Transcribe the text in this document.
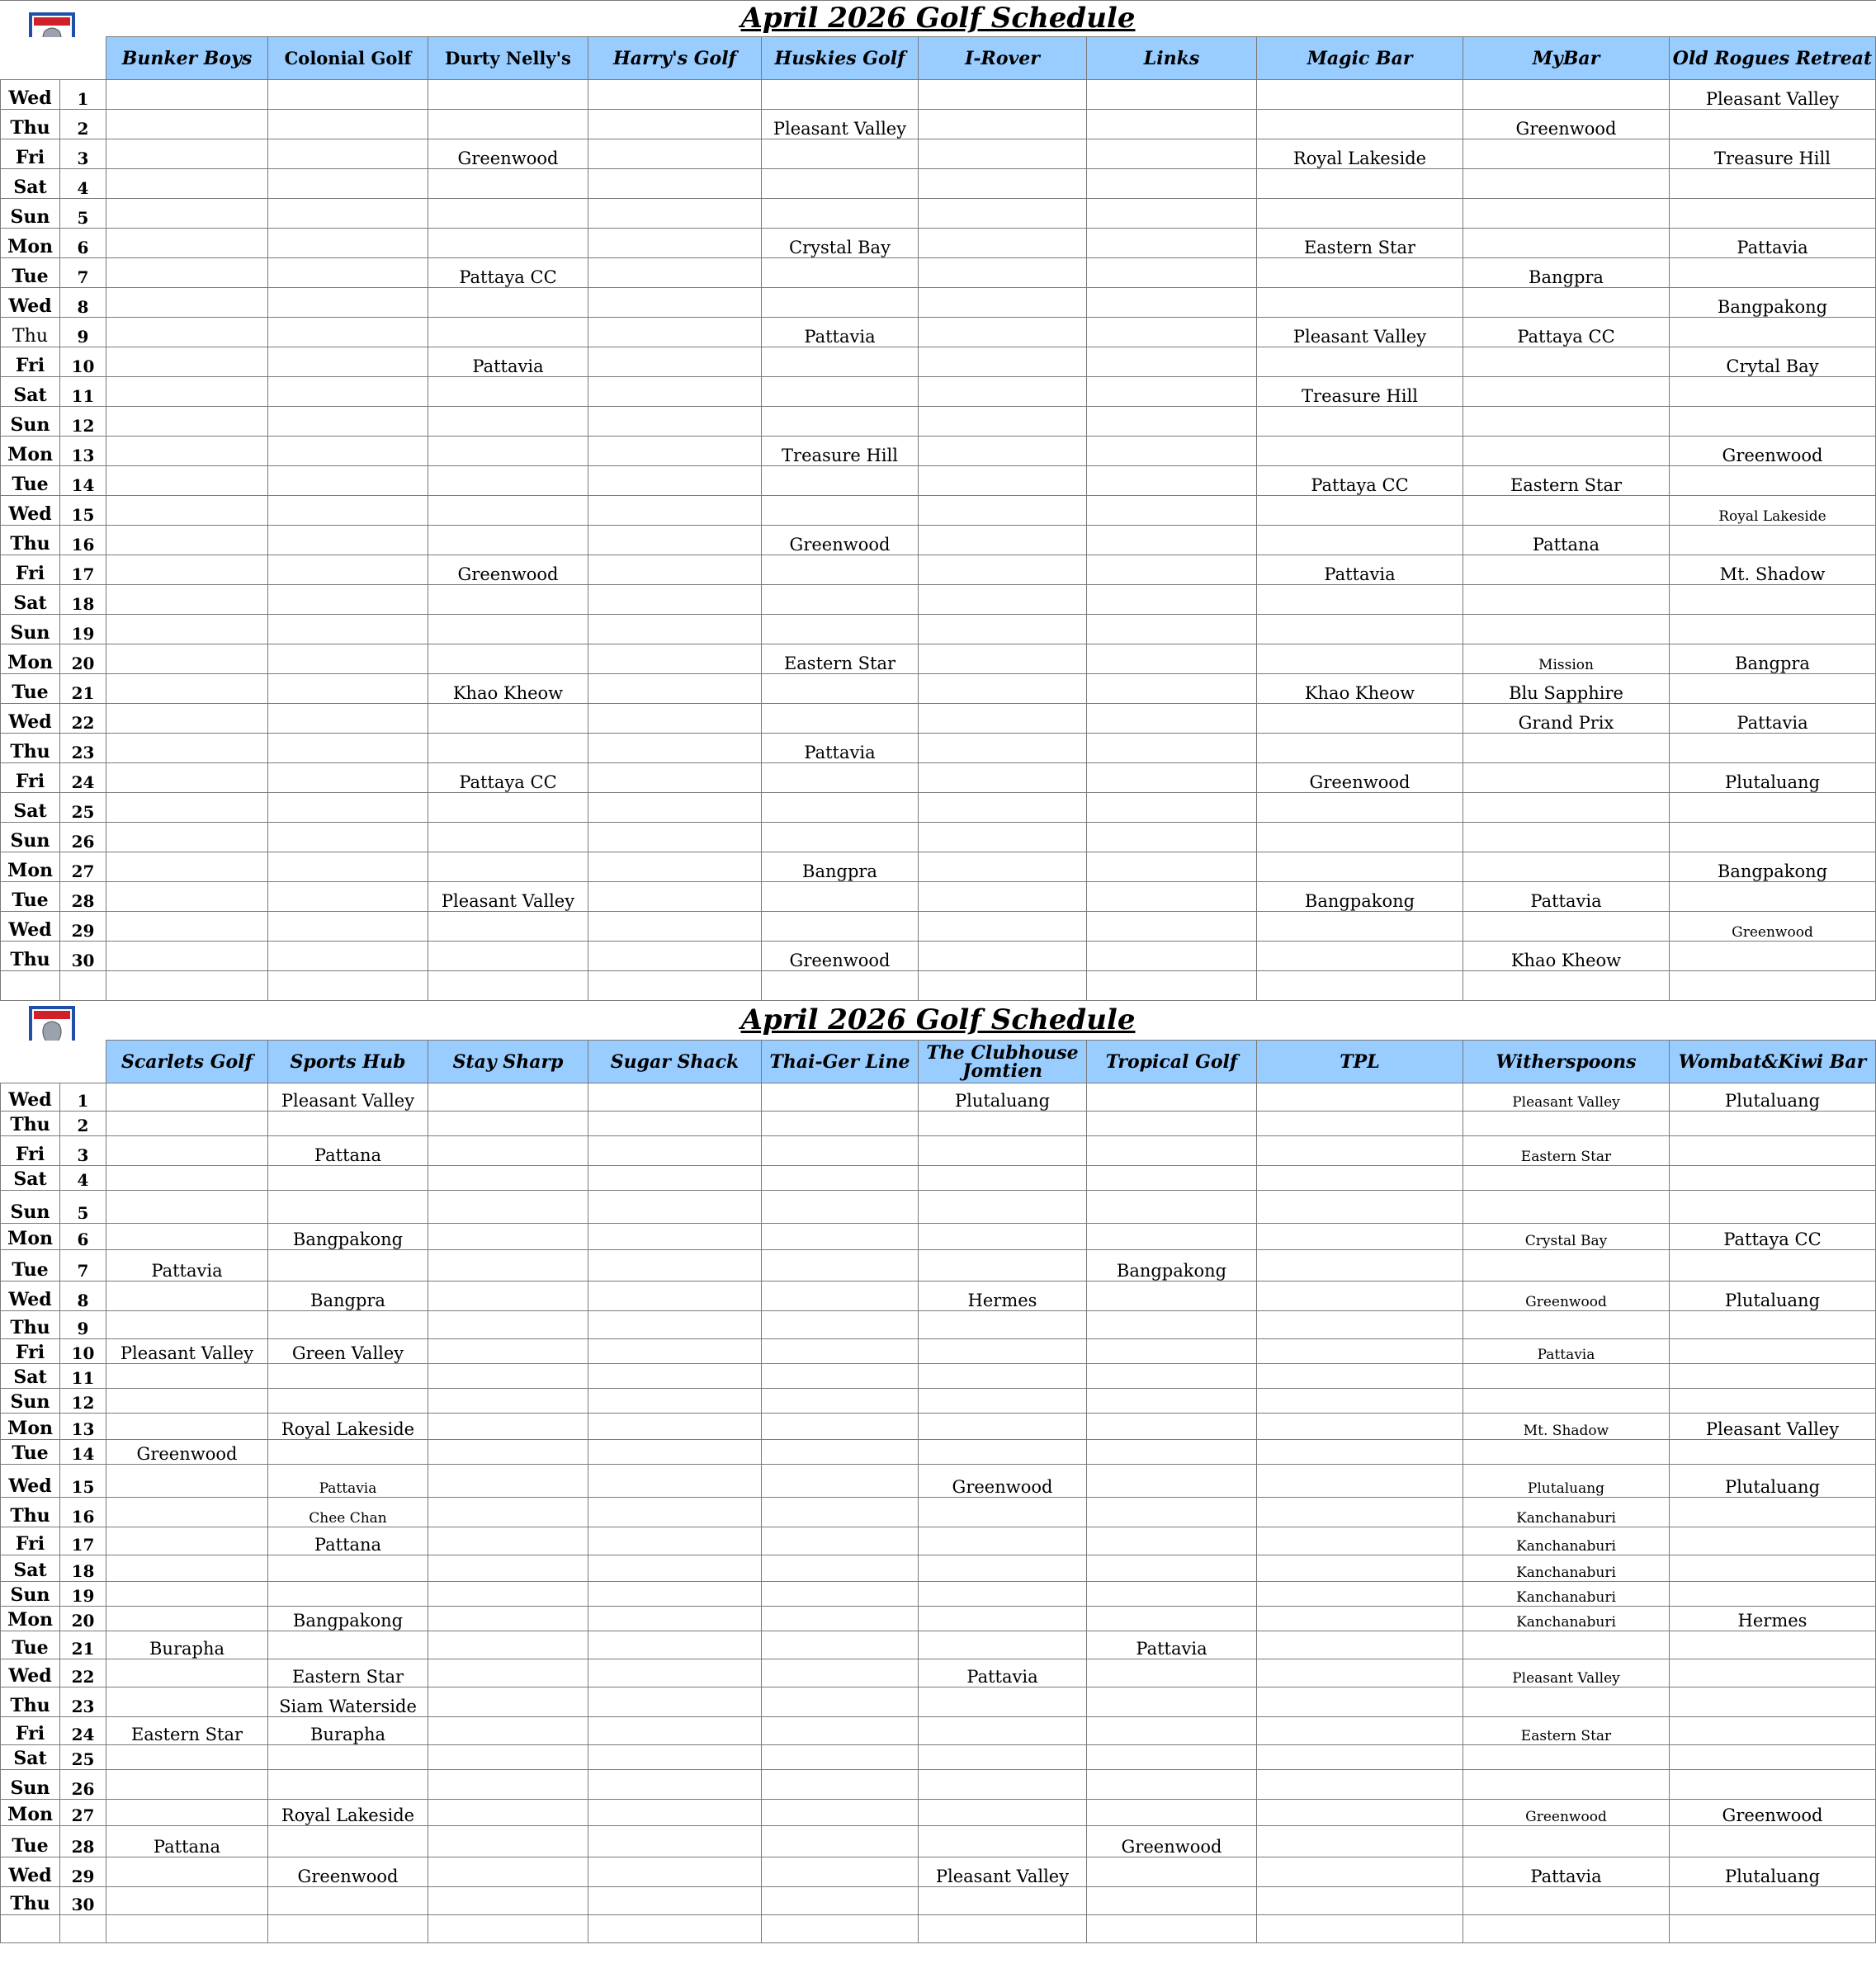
April 2026 Golf Schedule
		Bunker Boys	Colonial Golf	Durty Nelly's	Harry's Golf	Huskies Golf	I-Rover	Links	Magic Bar	MyBar	Old Rogues Retreat
Wed	1										Pleasant Valley
Thu	2					Pleasant Valley				Greenwood	
Fri	3			Greenwood					Royal Lakeside		Treasure Hill
Sat	4										
Sun	5										
Mon	6					Crystal Bay			Eastern Star		Pattavia
Tue	7			Pattaya CC						Bangpra	
Wed	8										Bangpakong
Thu	9					Pattavia			Pleasant Valley	Pattaya CC	
Fri	10			Pattavia							Crytal Bay
Sat	11								Treasure Hill		
Sun	12										
Mon	13					Treasure Hill					Greenwood
Tue	14								Pattaya CC	Eastern Star	
Wed	15										Royal Lakeside
Thu	16					Greenwood				Pattana	
Fri	17			Greenwood					Pattavia		Mt. Shadow
Sat	18										
Sun	19										
Mon	20					Eastern Star				Mission	Bangpra
Tue	21			Khao Kheow					Khao Kheow	Blu Sapphire	
Wed	22									Grand Prix	Pattavia
Thu	23					Pattavia					
Fri	24			Pattaya CC					Greenwood		Plutaluang
Sat	25										
Sun	26										
Mon	27					Bangpra					Bangpakong
Tue	28			Pleasant Valley					Bangpakong	Pattavia	
Wed	29										Greenwood
Thu	30					Greenwood				Khao Kheow	

April 2026 Golf Schedule
		Scarlets Golf	Sports Hub	Stay Sharp	Sugar Shack	Thai-Ger Line	The Clubhouse Jomtien	Tropical Golf	TPL	Witherspoons	Wombat&Kiwi Bar
Wed	1		Pleasant Valley				Plutaluang			Pleasant Valley	Plutaluang
Thu	2										
Fri	3		Pattana							Eastern Star	
Sat	4										
Sun	5										
Mon	6		Bangpakong							Crystal Bay	Pattaya CC
Tue	7	Pattavia						Bangpakong			
Wed	8		Bangpra				Hermes			Greenwood	Plutaluang
Thu	9										
Fri	10	Pleasant Valley	Green Valley							Pattavia	
Sat	11										
Sun	12										
Mon	13		Royal Lakeside							Mt. Shadow	Pleasant Valley
Tue	14	Greenwood									
Wed	15		Pattavia				Greenwood			Plutaluang	Plutaluang
Thu	16		Chee Chan							Kanchanaburi	
Fri	17		Pattana							Kanchanaburi	
Sat	18									Kanchanaburi	
Sun	19									Kanchanaburi	
Mon	20		Bangpakong							Kanchanaburi	Hermes
Tue	21	Burapha						Pattavia			
Wed	22		Eastern Star				Pattavia			Pleasant Valley	
Thu	23		Siam Waterside								
Fri	24	Eastern Star	Burapha							Eastern Star	
Sat	25										
Sun	26										
Mon	27		Royal Lakeside							Greenwood	Greenwood
Tue	28	Pattana						Greenwood			
Wed	29		Greenwood				Pleasant Valley			Pattavia	Plutaluang
Thu	30										
